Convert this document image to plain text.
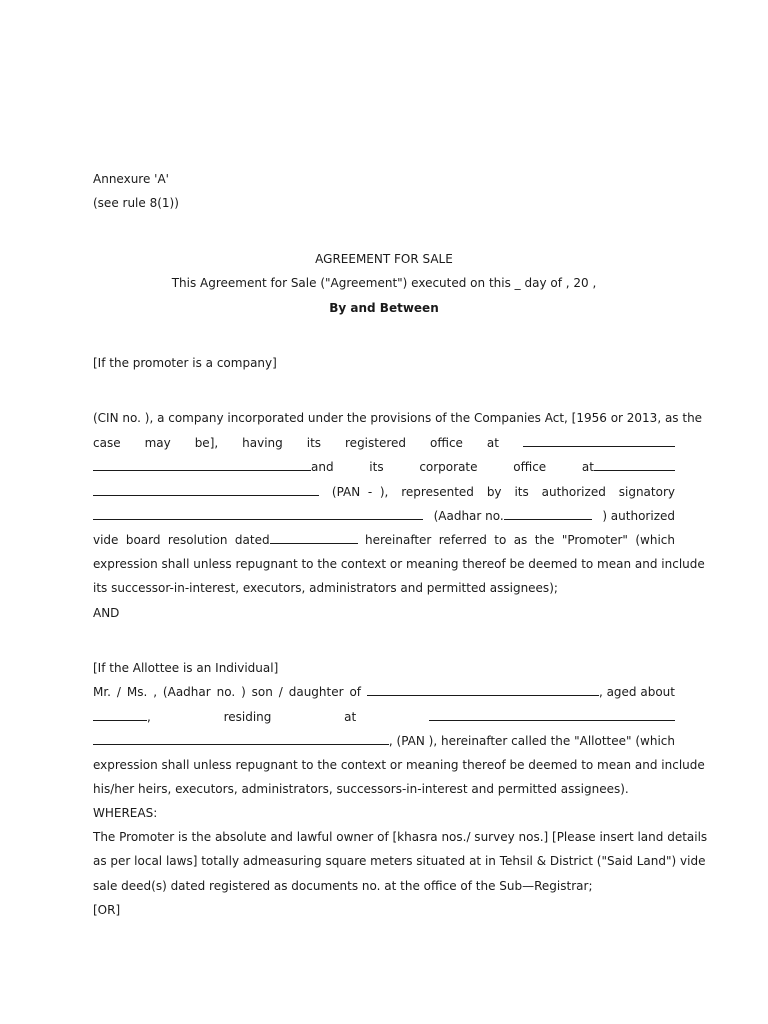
Annexure 'A'
(see rule 8(1))
AGREEMENT FOR SALE
This Agreement for Sale ("Agreement") executed on this _ day of , 20 ,
By and Between
[If the promoter is a company]
(CIN no. ), a company incorporated under the provisions of the Companies Act, [1956 or 2013, as the
case may be], having its registered office at
and	its	corporate	office	at
(PAN  -  ), represented by its authorized signatory
(Aadhar no.	) authorized
vide board resolution dated	hereinafter referred to as the "Promoter" (which
expression shall unless repugnant to the context or meaning thereof be deemed to mean and include
its successor-in-interest, executors, administrators and permitted assignees);
AND
[If the Allottee is an Individual]
Mr. / Ms. , (Aadhar no. ) son / daughter of	, aged about
,	residing	at
, (PAN ), hereinafter called the "Allottee" (which
expression shall unless repugnant to the context or meaning thereof be deemed to mean and include
his/her heirs, executors, administrators, successors-in-interest and permitted assignees).
WHEREAS:
The Promoter is the absolute and lawful owner of [khasra nos./ survey nos.] [Please insert land details
as per local laws] totally admeasuring square meters situated at in Tehsil & District ("Said Land") vide
sale deed(s) dated registered as documents no. at the office of the Sub—Registrar;
[OR]
